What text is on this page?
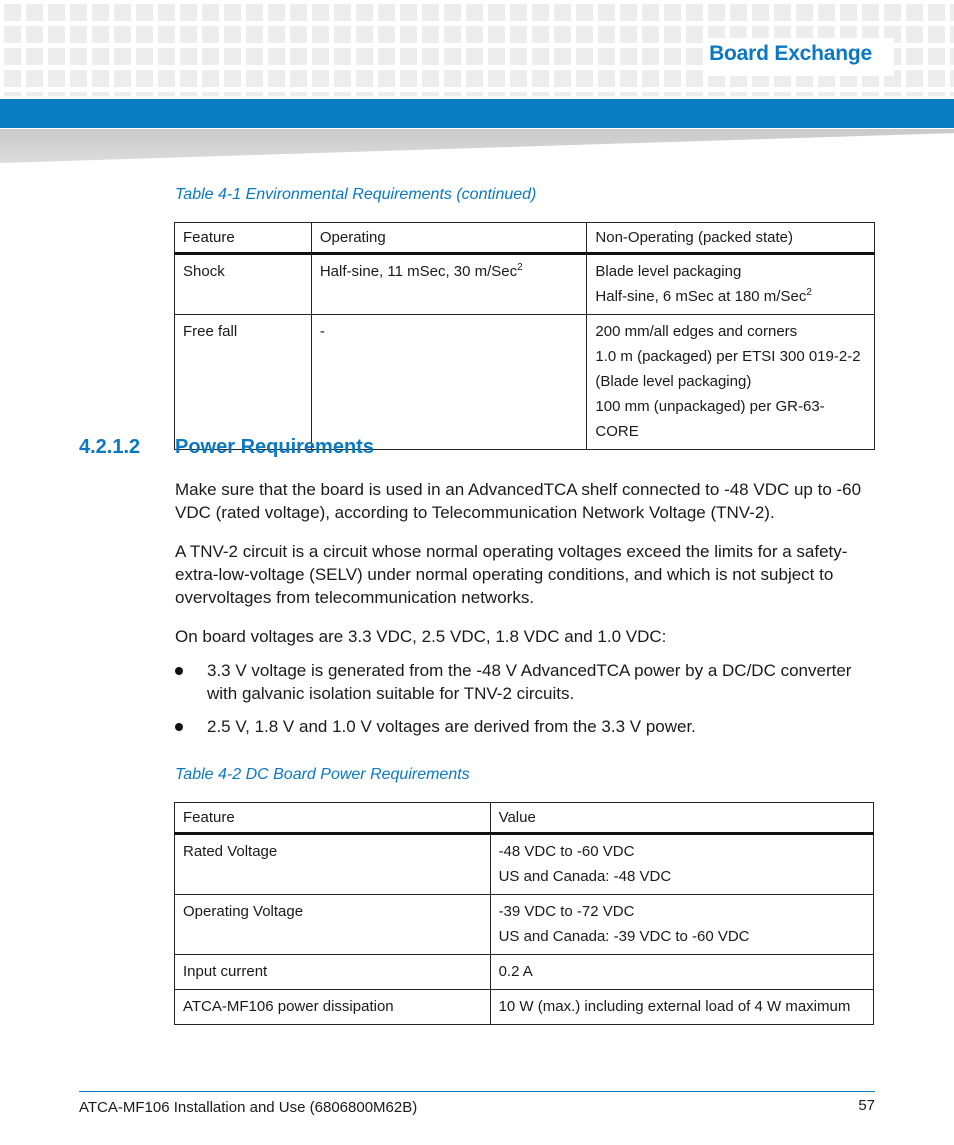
Board Exchange
Table 4-1 Environmental Requirements (continued)
Feature	Operating	Non-Operating (packed state)
Shock	Half-sine, 11 mSec, 30 m/Sec$^2$	Blade level packaging
Half-sine, 6 mSec at 180 m/Sec$^2$

Free fall	-	200 mm/all edges and corners
1.0 m (packaged) per ETSI 300 019-2-2
(Blade level packaging)
100 mm (unpackaged) per GR-63-CORE
4.2.1.2 Power Requirements

Make sure that the board is used in an AdvancedTCA shelf connected to -48 VDC up to -60 VDC (rated voltage), according to Telecommunication Network Voltage (TNV-2).

A TNV-2 circuit is a circuit whose normal operating voltages exceed the limits for a safety-extra-low-voltage (SELV) under normal operating conditions, and which is not subject to overvoltages from telecommunication networks.

On board voltages are 3.3 VDC, 2.5 VDC, 1.8 VDC and 1.0 VDC:

3.3 V voltage is generated from the -48 V AdvancedTCA power by a DC/DC converter with galvanic isolation suitable for TNV-2 circuits.
2.5 V, 1.8 V and 1.0 V voltages are derived from the 3.3 V power.
Table 4-2 DC Board Power Requirements
Feature	Value
Rated Voltage	-48 VDC to -60 VDC
US and Canada: -48 VDC

Operating Voltage	-39 VDC to -72 VDC
US and Canada: -39 VDC to -60 VDC

Input current	0.2 A

ATCA-MF106 power dissipation	10 W (max.) including external load of 4 W maximum
ATCA-MF106 Installation and Use (6806800M62B)	57
